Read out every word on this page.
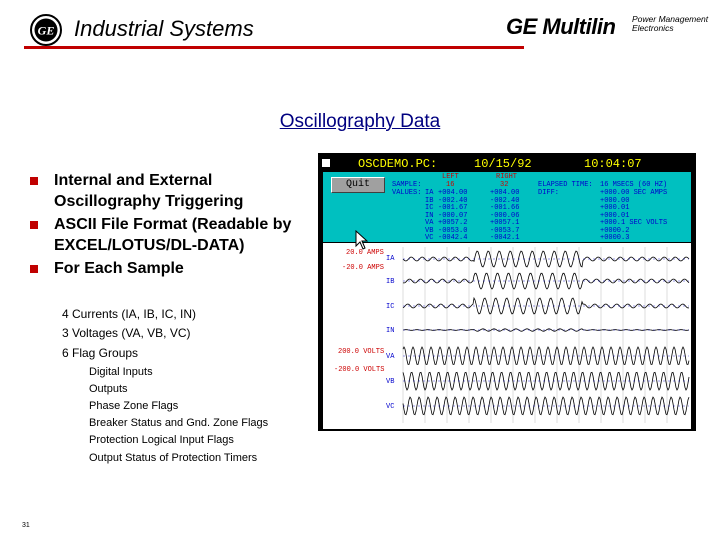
GE Industrial Systems	GE Multilin Power Management
Electronics
Oscillography Data
Internal and External Oscillography Triggering
ASCII File Format (Readable by EXCEL/LOTUS/DL-DATA)
For Each Sample
4 Currents (IA, IB, IC, IN)
3 Voltages (VA, VB, VC)
6 Flag Groups
Digital Inputs
Outputs
Phase Zone Flags
Breaker Status and Gnd. Zone Flags
Protection Logical Input Flags
Output Status of Protection Timers
31
OSCDEMO.PC:	10/15/92	10:04:07
Quit
LEFT	RIGHT
SAMPLE:	16	32
VALUES:
ELAPSED TIME: 16 MSECS (60 HZ)
DIFF:
IA +004.00	+004.00	+000.00 SEC AMPS
IB -002.40	-002.40	+000.00
IC -001.67	-001.66	+000.01
IN -000.07	-000.06	+000.01
VA +0057.2	+0057.1	+000.1 SEC VOLTS
VB -0053.0	-0053.7	+0000.2
VC -0042.4	-0042.1	+0000.3
20.0 AMPS
-20.0 AMPS
200.0 VOLTS
-200.0 VOLTS
IA
IB
IC
IN
VA
VB
VC
